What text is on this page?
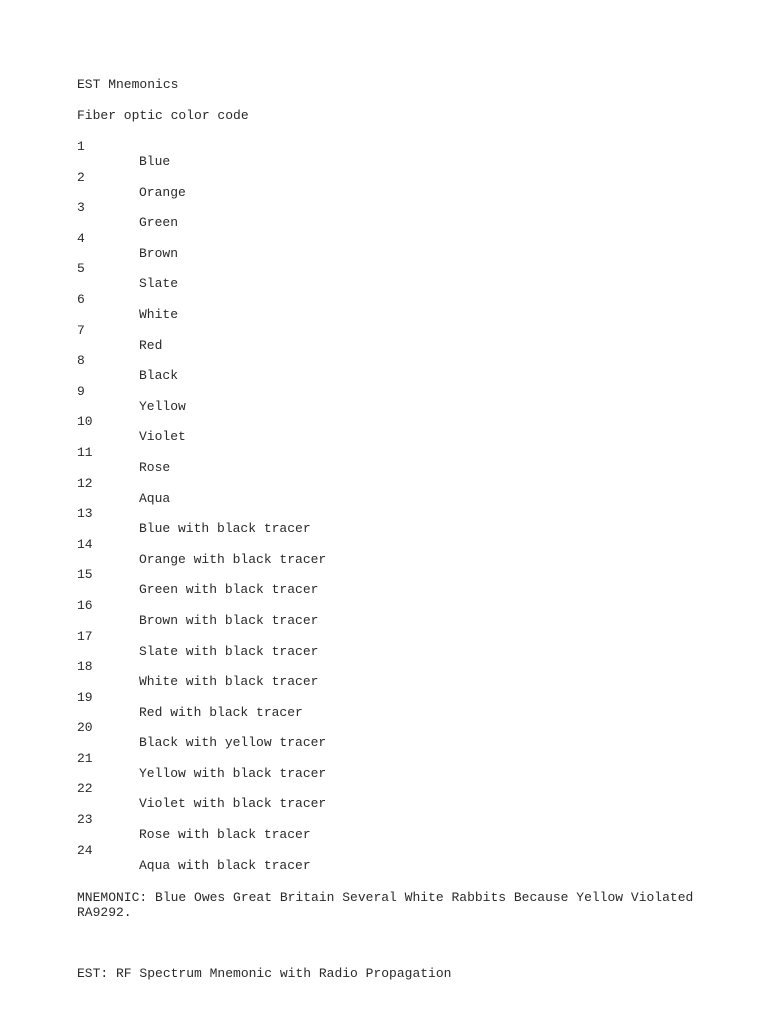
EST Mnemonics
Fiber optic color code
1
Blue
2
Orange
3
Green
4
Brown
5
Slate
6
White
7
Red
8
Black
9
Yellow
10
Violet
11
Rose
12
Aqua
13
Blue with black tracer
14
Orange with black tracer
15
Green with black tracer
16
Brown with black tracer
17
Slate with black tracer
18
White with black tracer
19
Red with black tracer
20
Black with yellow tracer
21
Yellow with black tracer
22
Violet with black tracer
23
Rose with black tracer
24
Aqua with black tracer
MNEMONIC: Blue Owes Great Britain Several White Rabbits Because Yellow Violated RA9292.
EST: RF Spectrum Mnemonic with Radio Propagation
